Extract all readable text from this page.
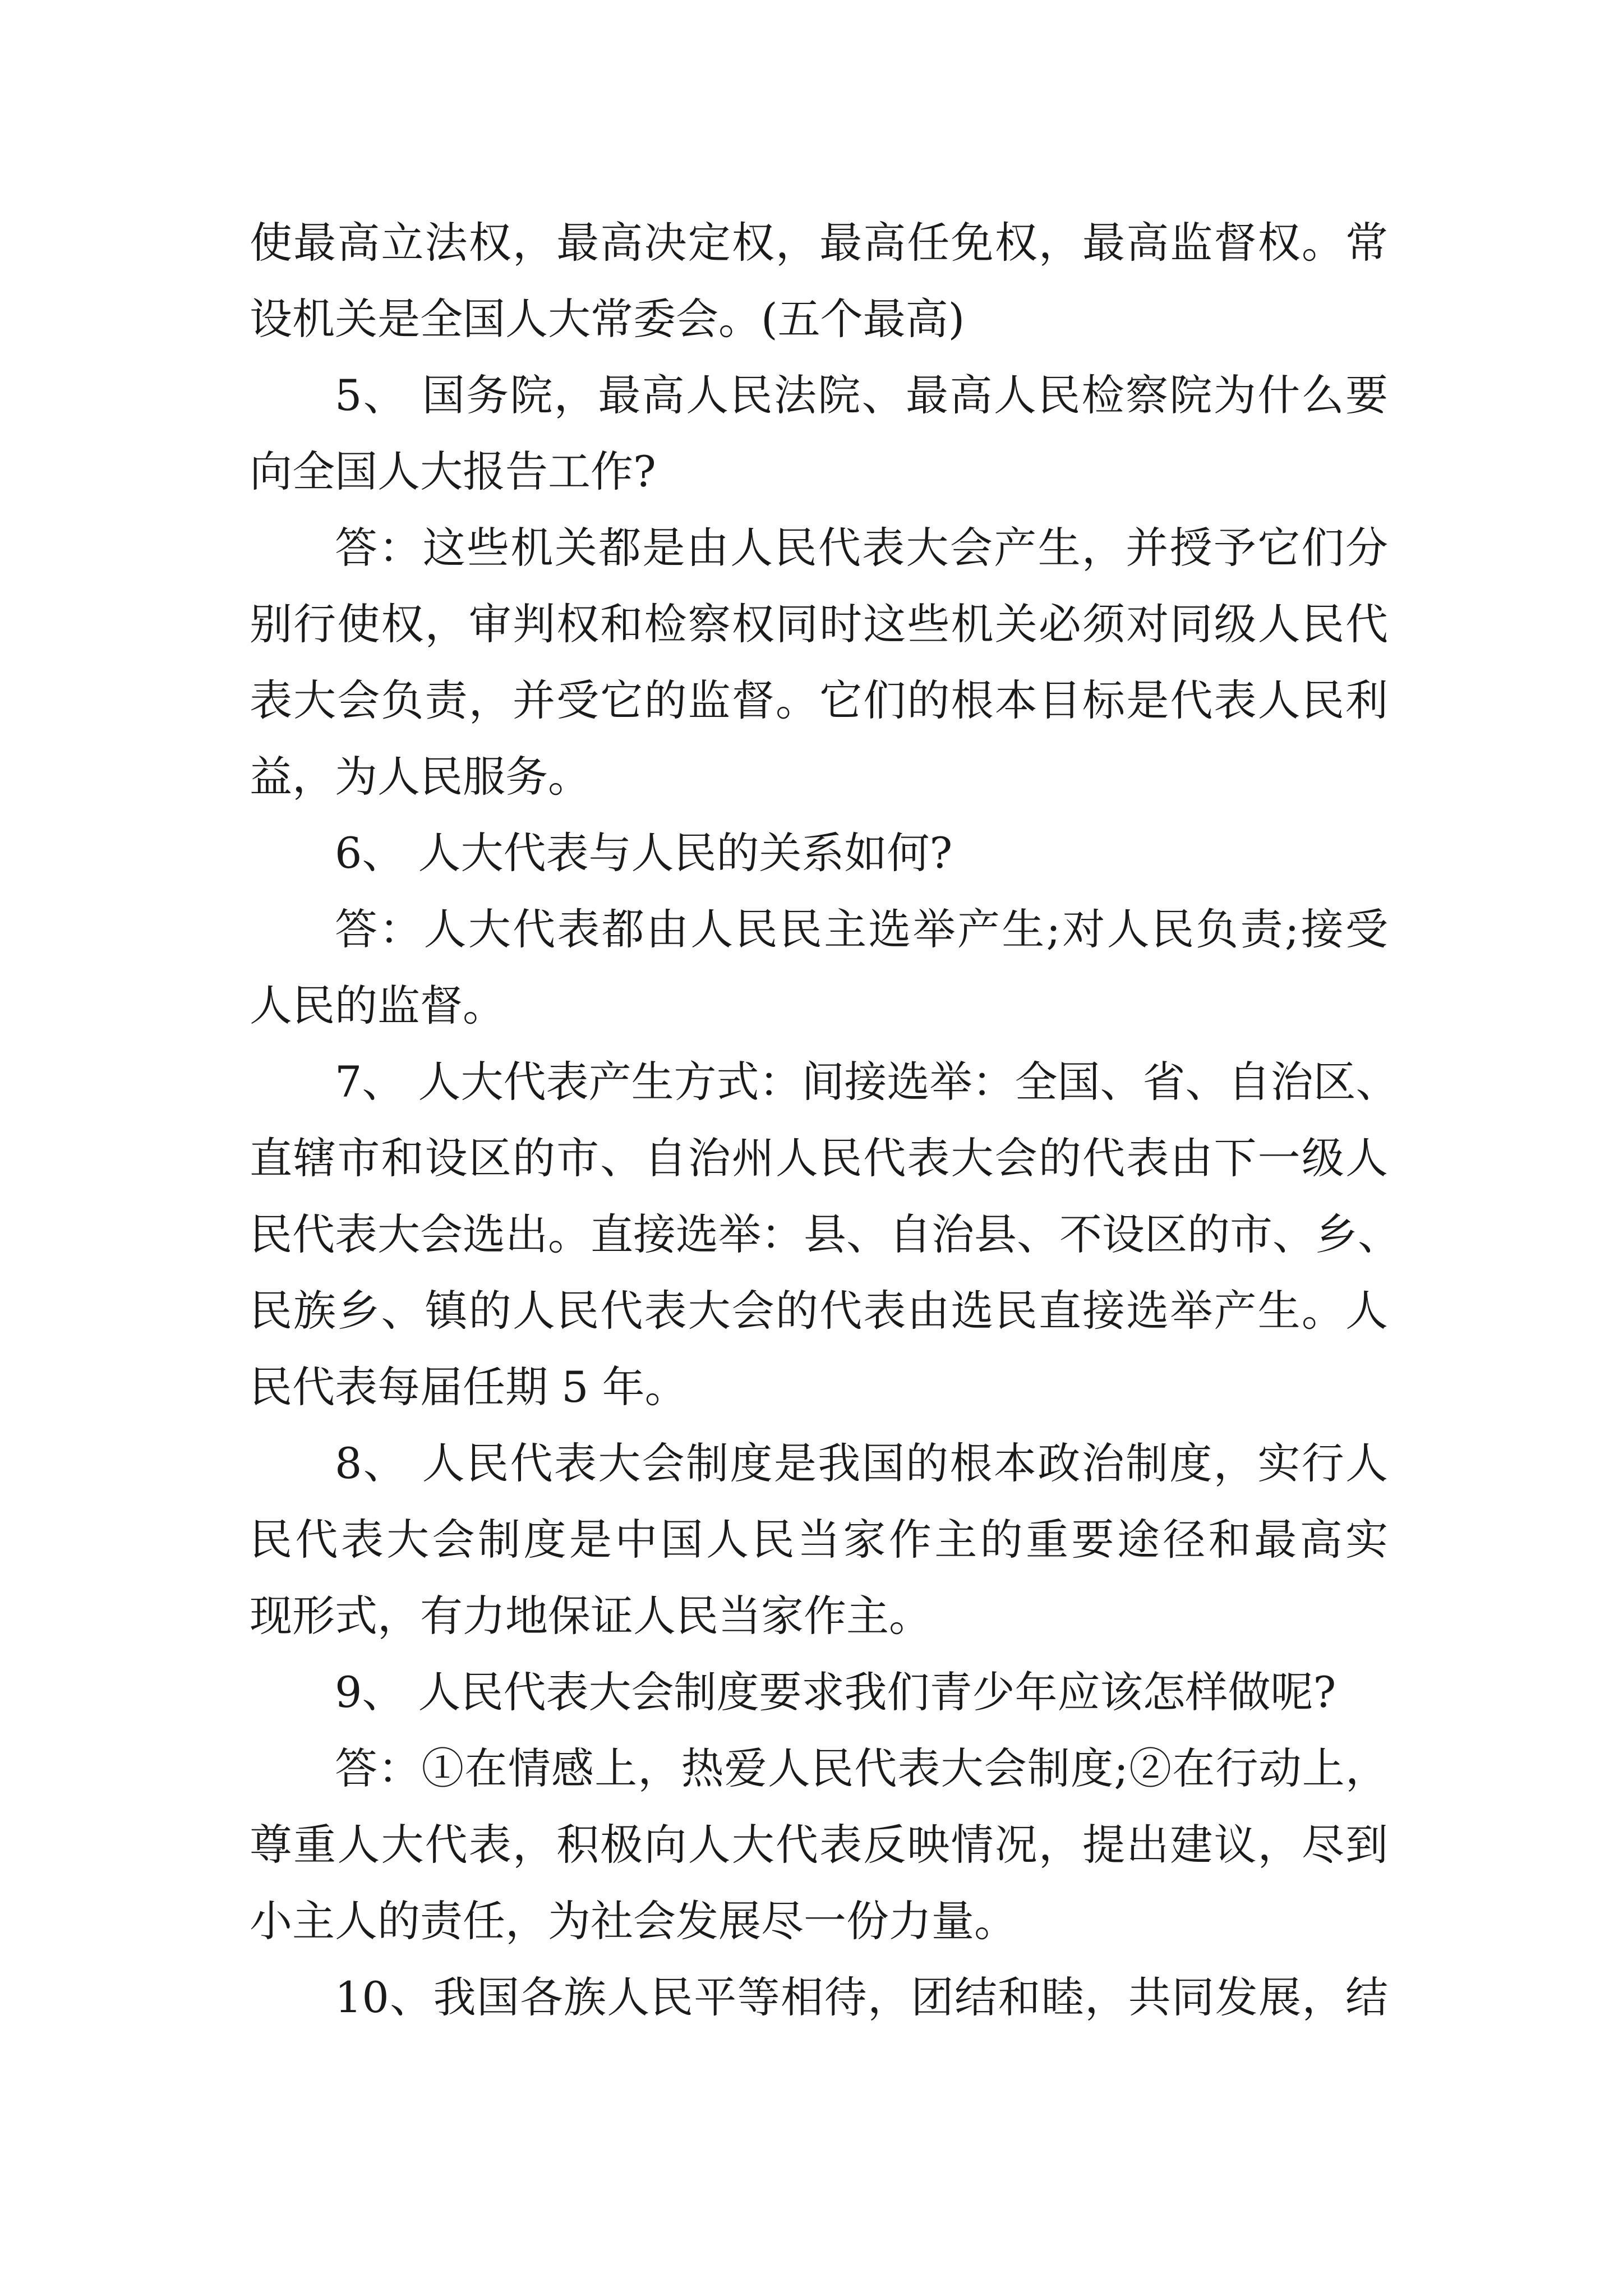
使最高立法权，最高决定权，最高任免权，最高监督权。常
设机关是全国人大常委会。(五个最高)
5、 国务院，最高人民法院、最高人民检察院为什么要
向全国人大报告工作?
答：这些机关都是由人民代表大会产生，并授予它们分
别行使权，审判权和检察权同时这些机关必须对同级人民代
表大会负责，并受它的监督。它们的根本目标是代表人民利
益，为人民服务。
6、 人大代表与人民的关系如何?
答：人大代表都由人民民主选举产生;对人民负责;接受
人民的监督。
7、 人大代表产生方式：间接选举：全国、省、自治区、
直辖市和设区的市、自治州人民代表大会的代表由下一级人
民代表大会选出。直接选举：县、自治县、不设区的市、乡、
民族乡、镇的人民代表大会的代表由选民直接选举产生。人
民代表每届任期 5 年。
8、 人民代表大会制度是我国的根本政治制度，实行人
民代表大会制度是中国人民当家作主的重要途径和最高实
现形式，有力地保证人民当家作主。
9、 人民代表大会制度要求我们青少年应该怎样做呢?
答：①在情感上，热爱人民代表大会制度;②在行动上，
尊重人大代表，积极向人大代表反映情况，提出建议，尽到
小主人的责任，为社会发展尽一份力量。
10、我国各族人民平等相待，团结和睦，共同发展，结
